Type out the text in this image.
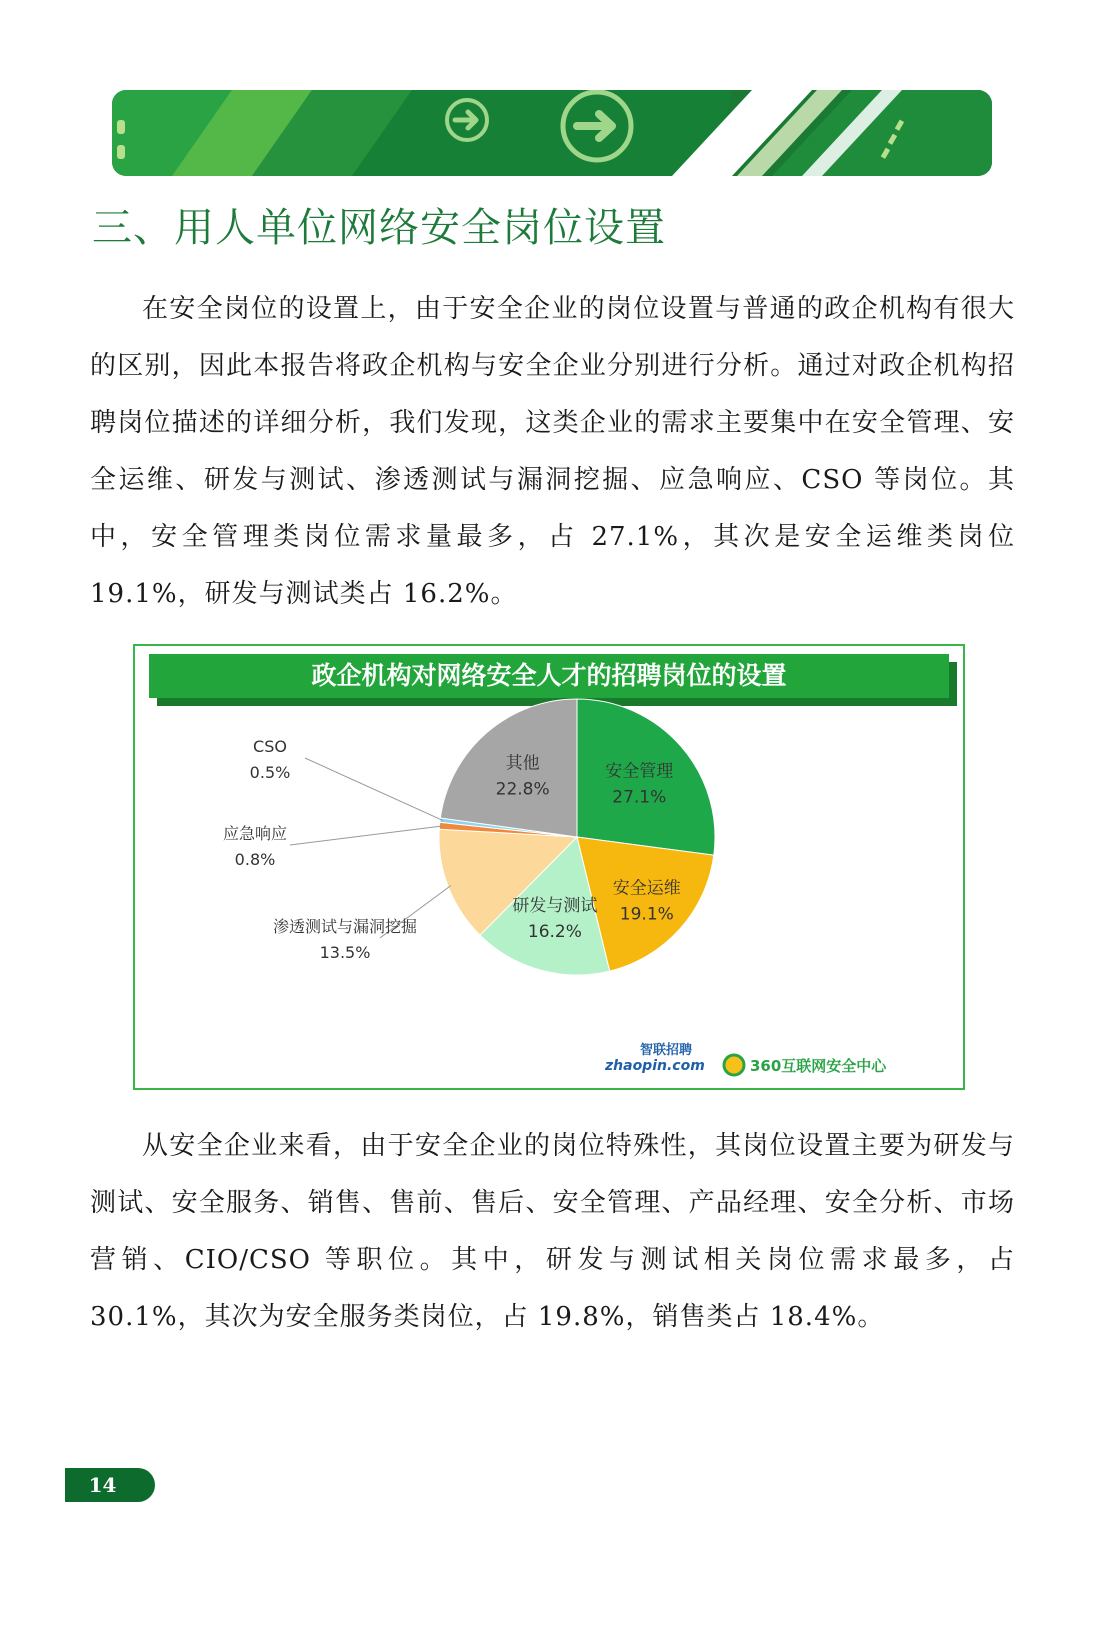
三、用人单位网络安全岗位设置

在安全岗位的设置上，由于安全企业的岗位设置与普通的政企机构有很大的区别，因此本报告将政企机构与安全企业分别进行分析。通过对政企机构招聘岗位描述的详细分析，我们发现，这类企业的需求主要集中在安全管理、安全运维、研发与测试、渗透测试与漏洞挖掘、应急响应、CSO 等岗位。其中，安全管理类岗位需求量最多，占 27.1%，其次是安全运维类岗位 19.1%，研发与测试类占 16.2%。

政企机构对网络安全人才的招聘岗位的设置
安全管理
27.1%
安全运维
19.1%
研发与测试
16.2%
其他
22.8%
渗透测试与漏洞挖掘
13.5%
应急响应
0.8%
CSO
0.5%
zhaopin.com
智联招聘
360互联网安全中心

从安全企业来看，由于安全企业的岗位特殊性，其岗位设置主要为研发与测试、安全服务、销售、售前、售后、安全管理、产品经理、安全分析、市场营销、CIO/CSO 等职位。其中，研发与测试相关岗位需求最多，占 30.1%，其次为安全服务类岗位，占 19.8%，销售类占 18.4%。

14
